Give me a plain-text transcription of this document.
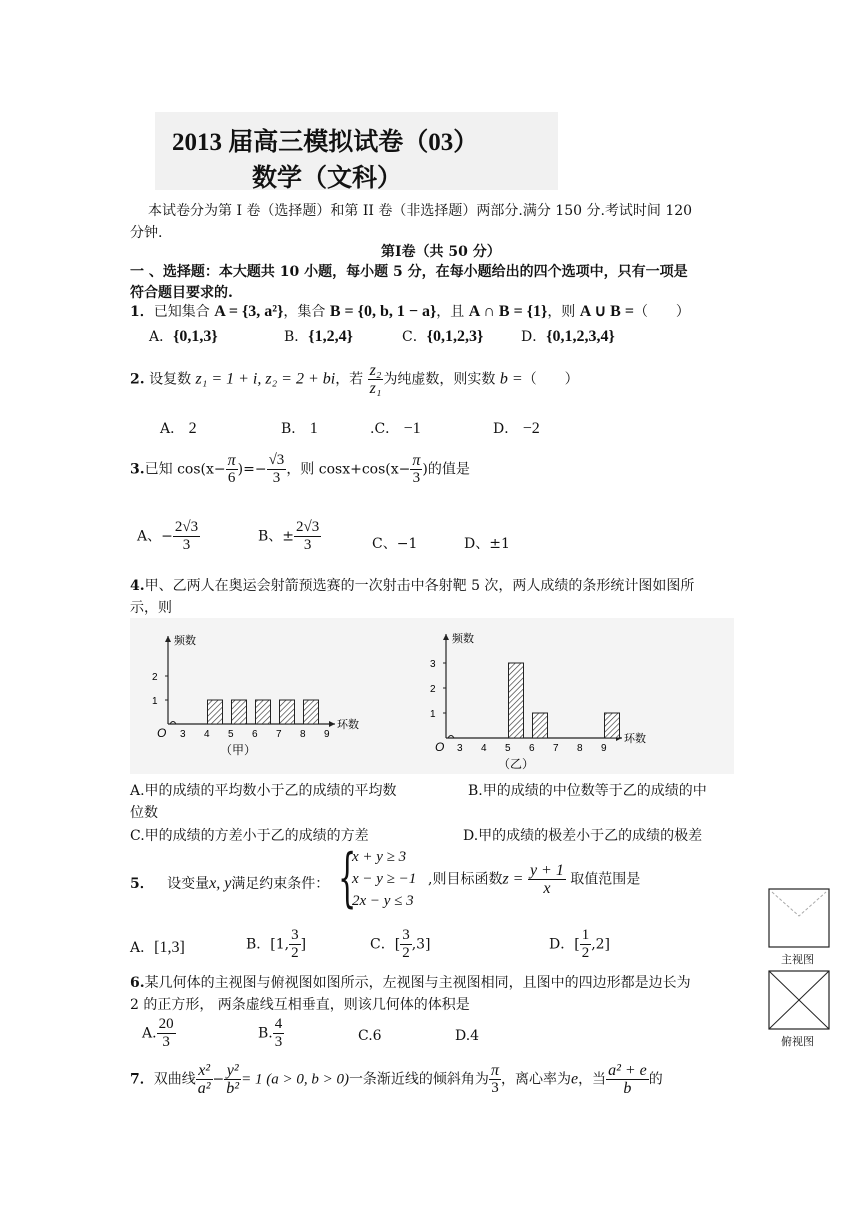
2013 届高三模拟试卷（03）
数学（文科）
本试卷分为第 I 卷（选择题）和第 II 卷（非选择题）两部分.满分 150 分.考试时间 120
分钟.
第Ⅰ卷（共 50 分）
一 、选择题：本大题共 10 小题，每小题 5 分，在每小题给出的四个选项中，只有一项是
符合题目要求的.
1．已知集合 A = {3, a²}，集合 B = {0, b, 1 − a}，且 A ∩ B = {1}，则 A ∪ B =（　　）
A．{0,1,3}	B．{1,2,4}	C．{0,1,2,3}	D．{0,1,2,3,4}
2. 设复数 z₁ = 1 + i, z₂ = 2 + bi，若 $\frac{\text{z₂}}{\text{z₁}}$ 为纯虚数，则实数 b =（　　）
A． 2	B． 1	.C． −1	D． −2
3.已知 $\cos(x- \frac{\pi}{6}$ )=− $\frac{√3}{3}$ ，则 $\cos x+\cos(x- \frac{\pi}{3}$ )的值是
A、− $\frac{2√3}{3}$	B、± $\frac{2√3}{3}$	C、−1	D、±1
4.甲、乙两人在奥运会射箭预选赛的一次射击中各射靶 5 次，两人成绩的条形统计图如图所
示，则
频数
环数
O
（甲）
1
2
3 4 5 6 7 8 9
频数
环数
O
（乙）
1
2
3
3 4 5 6 7 8 9
A.甲的成绩的平均数小于乙的成绩的平均数	B.甲的成绩的中位数等于乙的成绩的中
位数
C.甲的成绩的方差小于乙的成绩的方差	D.甲的成绩的极差小于乙的成绩的极差
5． 设变量x, y满足约束条件： {
x + y ≥ 3
x − y ≥ −1
2x − y ≤ 3
,则目标函数$z = \frac{y + 1}{x}$ 取值范围是
A．[1,3]	B．[1, $\frac{3}{2}$ ]	C．[ $\frac{3}{2} ,3$]	D．[ $\frac{1}{2} ,2$]
6.某几何体的主视图与俯视图如图所示，左视图与主视图相同，且图中的四边形都是边长为
2 的正方形， 两条虚线互相垂直，则该几何体的体积是
A. $\frac{20}{3}$	B. $\frac{4}{3}$	C.6	D.4
主视图
俯视图
7．双曲线 $\frac{\text{x²}}{\text{a²}} - \frac{\text{y²}}{\text{b²}} = 1$ (a > 0, b > 0)一条渐近线的倾斜角为 $\frac{\pi}{3}$ ，离心率为e，当 $\frac{\text{a² + e}}{b}$ 的
